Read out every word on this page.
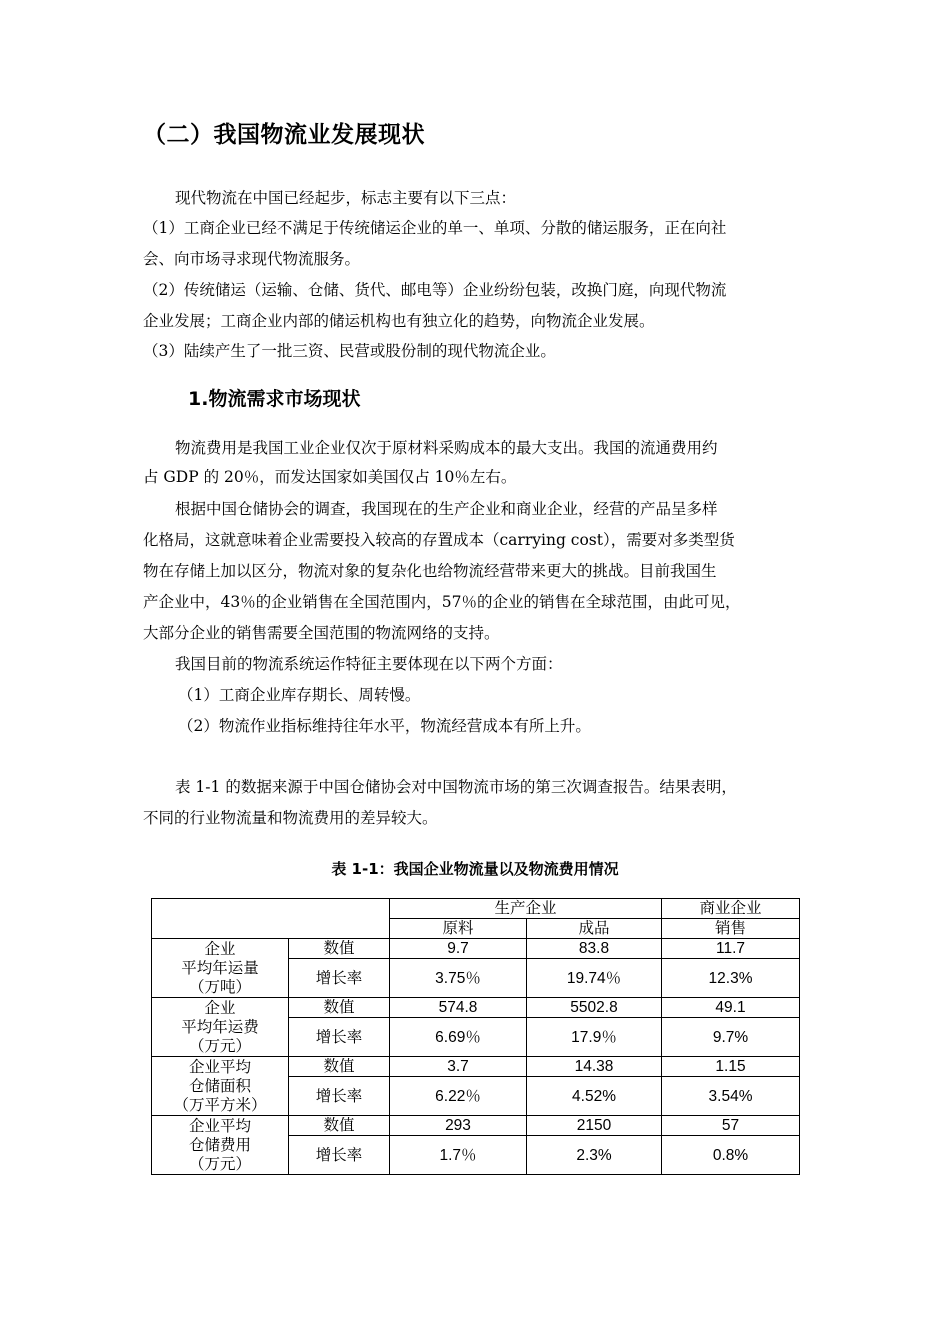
（二）我国物流业发展现状
现代物流在中国已经起步，标志主要有以下三点：
（1）工商企业已经不满足于传统储运企业的单一、单项、分散的储运服务，正在向社
会、向市场寻求现代物流服务。
（2）传统储运（运输、仓储、货代、邮电等）企业纷纷包装，改换门庭，向现代物流
企业发展；工商企业内部的储运机构也有独立化的趋势，向物流企业发展。
（3）陆续产生了一批三资、民营或股份制的现代物流企业。
1.物流需求市场现状
物流费用是我国工业企业仅次于原材料采购成本的最大支出。我国的流通费用约
占 GDP 的 20％，而发达国家如美国仅占 10％左右。
根据中国仓储协会的调查，我国现在的生产企业和商业企业，经营的产品呈多样
化格局，这就意味着企业需要投入较高的存置成本（carrying cost），需要对多类型货
物在存储上加以区分，物流对象的复杂化也给物流经营带来更大的挑战。目前我国生
产企业中，43％的企业销售在全国范围内，57％的企业的销售在全球范围，由此可见，
大部分企业的销售需要全国范围的物流网络的支持。
我国目前的物流系统运作特征主要体现在以下两个方面：
（1）工商企业库存期长、周转慢。
（2）物流作业指标维持往年水平，物流经营成本有所上升。
表 1-1 的数据来源于中国仓储协会对中国物流市场的第三次调查报告。结果表明，
不同的行业物流量和物流费用的差异较大。
表 1-1：我国企业物流量以及物流费用情况
		生产企业		商业企业
		原料	成品	销售

企业
平均年运量
（万吨）	数值	9.7	83.8	11.7
	增长率	3.75％	19.74％	12.3%

企业
平均年运费
（万元）	数值	574.8	5502.8	49.1
	增长率	6.69％	17.9％	9.7%

企业平均
仓储面积
（万平方米）	数值	3.7	14.38	1.15
	增长率	6.22％	4.52%	3.54%

企业平均
仓储费用
（万元）	数值	293	2150	57
	增长率	1.7％	2.3%	0.8%
